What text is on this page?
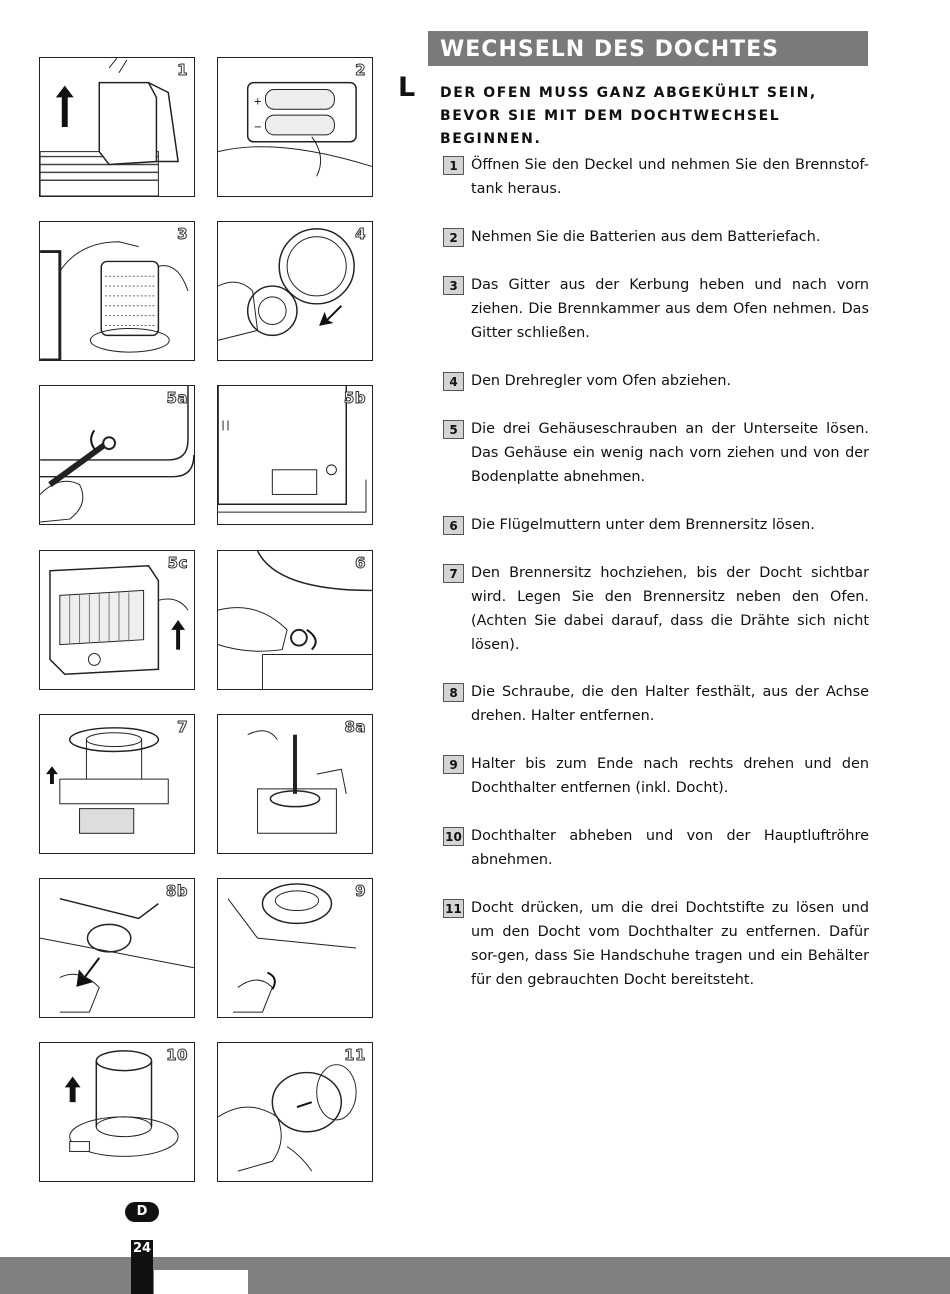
WECHSELN DES DOCHTES
L DER OFEN MUSS GANZ ABGEKÜHLT SEIN, BEVOR SIE MIT DEM DOCHTWECHSEL BEGINNEN.
1
+
−
2
3	4
5a	5b
5c	6
7	8a
8b	9
10	11
1 Öffnen Sie den Deckel und nehmen Sie den Brennstof-tank heraus.
2 Nehmen Sie die Batterien aus dem Batteriefach.
3 Das Gitter aus der Kerbung heben und nach vorn ziehen. Die Brennkammer aus dem Ofen nehmen. Das Gitter schließen.
4 Den Drehregler vom Ofen abziehen.
5 Die drei Gehäuseschrauben an der Unterseite lösen. Das Gehäuse ein wenig nach vorn ziehen und von der Bodenplatte abnehmen.
6 Die Flügelmuttern unter dem Brennersitz lösen.
7 Den Brennersitz hochziehen, bis der Docht sichtbar wird. Legen Sie den Brennersitz neben den Ofen. (Achten Sie dabei darauf, dass die Drähte sich nicht lösen).
8 Die Schraube, die den Halter festhält, aus der Achse drehen. Halter entfernen.
9 Halter bis zum Ende nach rechts drehen und den Dochthalter entfernen (inkl. Docht).
10 Dochthalter abheben und von der Hauptluftröhre abnehmen.
11 Docht drücken, um die drei Dochtstifte zu lösen und um den Docht vom Dochthalter zu entfernen. Dafür sor-gen, dass Sie Handschuhe tragen und ein Behälter für den gebrauchten Docht bereitsteht.
D
24
